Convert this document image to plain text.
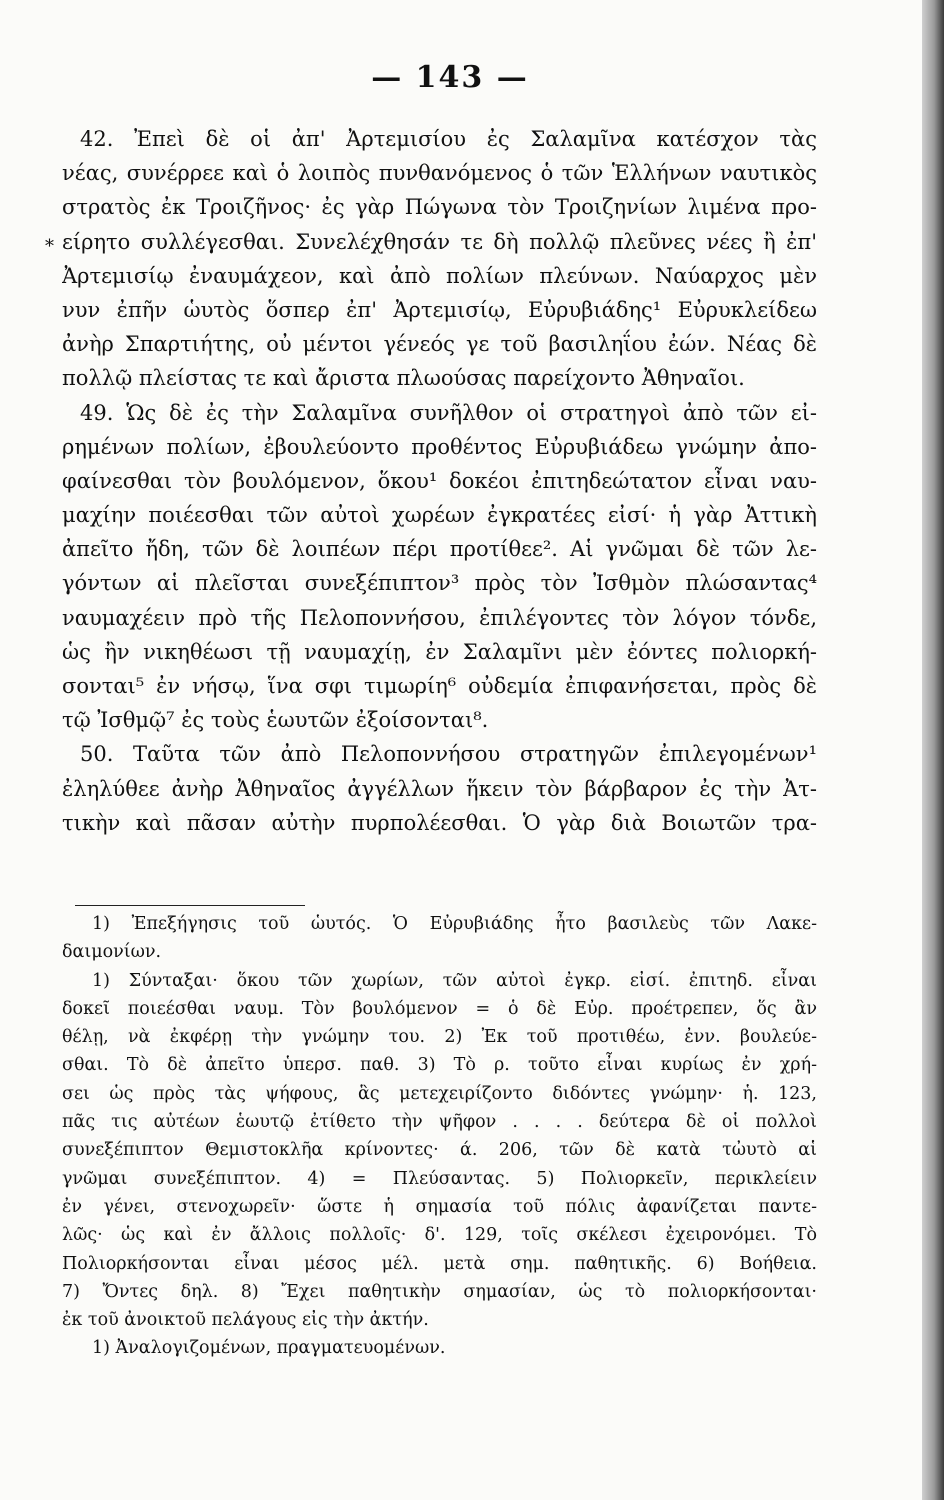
— 143 —
*
42. Ἐπεὶ δὲ οἱ ἀπ' Ἀρτεμισίου ἐς Σαλαμῖνα κατέσχον τὰς
νέας, συνέρρεε καὶ ὁ λοιπὸς πυνθανόμενος ὁ τῶν Ἑλλήνων ναυτικὸς
στρατὸς ἐκ Τροιζῆνος· ἐς γὰρ Πώγωνα τὸν Τροιζηνίων λιμένα προ-
είρητο συλλέγεσθαι. Συνελέχθησάν τε δὴ πολλῷ πλεῦνες νέες ἢ ἐπ'
Ἀρτεμισίῳ ἐναυμάχεον, καὶ ἀπὸ πολίων πλεύνων. Ναύαρχος μὲν
νυν ἐπῆν ὡυτὸς ὅσπερ ἐπ' Ἀρτεμισίῳ, Εὐρυβιάδης¹ Εὐρυκλείδεω
ἀνὴρ Σπαρτιήτης, οὐ μέντοι γένεός γε τοῦ βασιληΐου ἐών. Νέας δὲ
πολλῷ πλείστας τε καὶ ἄριστα πλωούσας παρείχοντο Ἀθηναῖοι.
49. Ὡς δὲ ἐς τὴν Σαλαμῖνα συνῆλθον οἱ στρατηγοὶ ἀπὸ τῶν εἰ-
ρημένων πολίων, ἐβουλεύοντο προθέντος Εὐρυβιάδεω γνώμην ἀπο-
φαίνεσθαι τὸν βουλόμενον, ὅκου¹ δοκέοι ἐπιτηδεώτατον εἶναι ναυ-
μαχίην ποιέεσθαι τῶν αὐτοὶ χωρέων ἐγκρατέες εἰσί· ἡ γὰρ Ἀττικὴ
ἀπεῖτο ἤδη, τῶν δὲ λοιπέων πέρι προτίθεε². Αἱ γνῶμαι δὲ τῶν λε-
γόντων αἱ πλεῖσται συνεξέπιπτον³ πρὸς τὸν Ἰσθμὸν πλώσαντας⁴
ναυμαχέειν πρὸ τῆς Πελοποννήσου, ἐπιλέγοντες τὸν λόγον τόνδε,
ὡς ἢν νικηθέωσι τῇ ναυμαχίῃ, ἐν Σαλαμῖνι μὲν ἐόντες πολιορκή-
σονται⁵ ἐν νήσῳ, ἵνα σφι τιμωρίη⁶ οὐδεμία ἐπιφανήσεται, πρὸς δὲ
τῷ Ἰσθμῷ⁷ ἐς τοὺς ἑωυτῶν ἐξοίσονται⁸.
50. Ταῦτα τῶν ἀπὸ Πελοποννήσου στρατηγῶν ἐπιλεγομένων¹
ἐληλύθεε ἀνὴρ Ἀθηναῖος ἀγγέλλων ἥκειν τὸν βάρβαρον ἐς τὴν Ἀτ-
τικὴν καὶ πᾶσαν αὐτὴν πυρπολέεσθαι. Ὁ γὰρ διὰ Βοιωτῶν τρα-
1) Ἐπεξήγησις τοῦ ὡυτός. Ὁ Εὐρυβιάδης ἦτο βασιλεὺς τῶν Λακε-
δαιμονίων.
1) Σύνταξαι· ὅκου τῶν χωρίων, τῶν αὐτοὶ ἐγκρ. εἰσί. ἐπιτηδ. εἶναι
δοκεῖ ποιεέσθαι ναυμ. Τὸν βουλόμενον = ὁ δὲ Εὐρ. προέτρεπεν, ὅς ἂν
θέλῃ, νὰ ἐκφέρῃ τὴν γνώμην του. 2) Ἐκ τοῦ προτιθέω, ἐνν. βουλεύε-
σθαι. Τὸ δὲ ἀπεῖτο ὑπερσ. παθ. 3) Τὸ ρ. τοῦτο εἶναι κυρίως ἐν χρή-
σει ὡς πρὸς τὰς ψήφους, ἃς μετεχειρίζοντο διδόντες γνώμην· ἡ. 123,
πᾶς τις αὐτέων ἑωυτῷ ἐτίθετο τὴν ψῆφον . . . . δεύτερα δὲ οἱ πολλοὶ
συνεξέπιπτον Θεμιστοκλῆα κρίνοντες· ά. 206, τῶν δὲ κατὰ τὠυτὸ αἱ
γνῶμαι συνεξέπιπτον. 4) = Πλεύσαντας. 5) Πολιορκεῖν, περικλείειν
ἐν γένει, στενοχωρεῖν· ὥστε ἡ σημασία τοῦ πόλις ἀφανίζεται παντε-
λῶς· ὡς καὶ ἐν ἄλλοις πολλοῖς· δ'. 129, τοῖς σκέλεσι ἐχειρονόμει. Τὸ
Πολιορκήσονται εἶναι μέσος μέλ. μετὰ σημ. παθητικῆς. 6) Βοήθεια.
7) Ὄντες δηλ. 8) Ἔχει παθητικὴν σημασίαν, ὡς τὸ πολιορκήσονται·
ἐκ τοῦ ἀνοικτοῦ πελάγους εἰς τὴν ἀκτήν.
1) Ἀναλογιζομένων, πραγματευομένων.
